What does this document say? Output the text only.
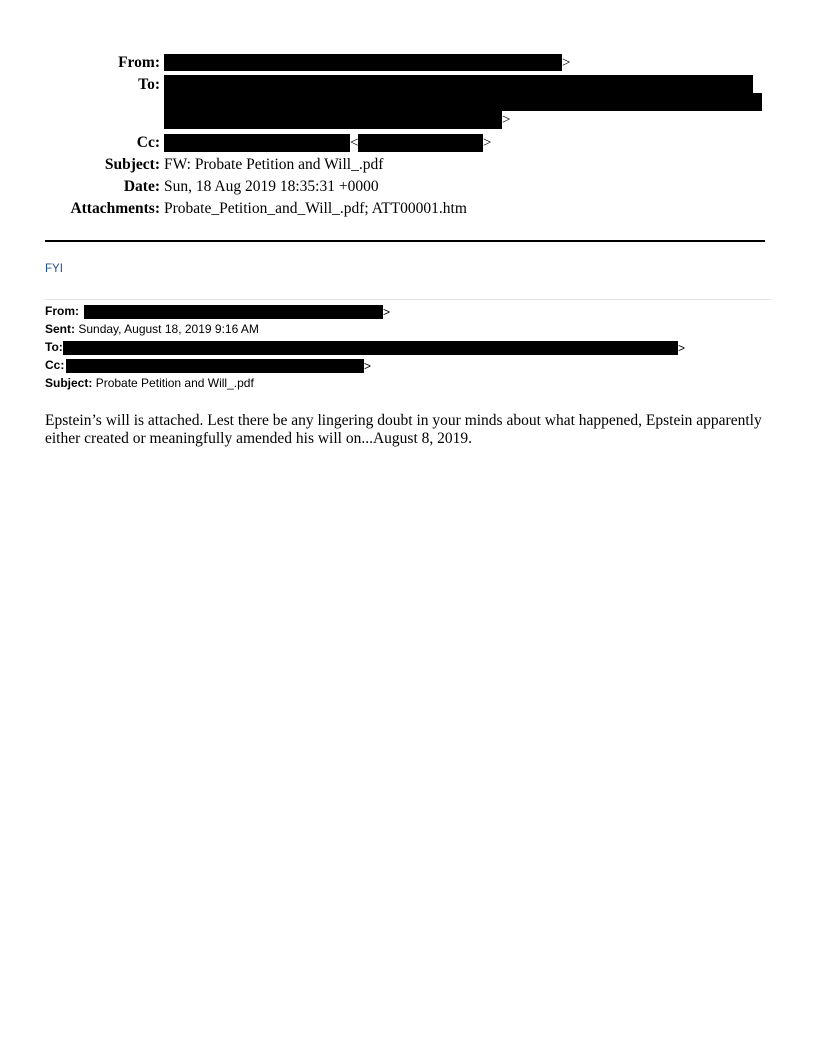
From:	>
To:
>
Cc:	<	>
Subject: FW: Probate Petition and Will_.pdf
Date: Sun, 18 Aug 2019 18:35:31 +0000
Attachments: Probate_Petition_and_Will_.pdf; ATT00001.htm
FYI
From:	>
Sent: Sunday, August 18, 2019 9:16 AM
To:	>
Cc:	>
Subject: Probate Petition and Will_.pdf
Epstein’s will is attached. Lest there be any lingering doubt in your minds about what happened, Epstein apparently either created or meaningfully amended his will on...August 8, 2019.
